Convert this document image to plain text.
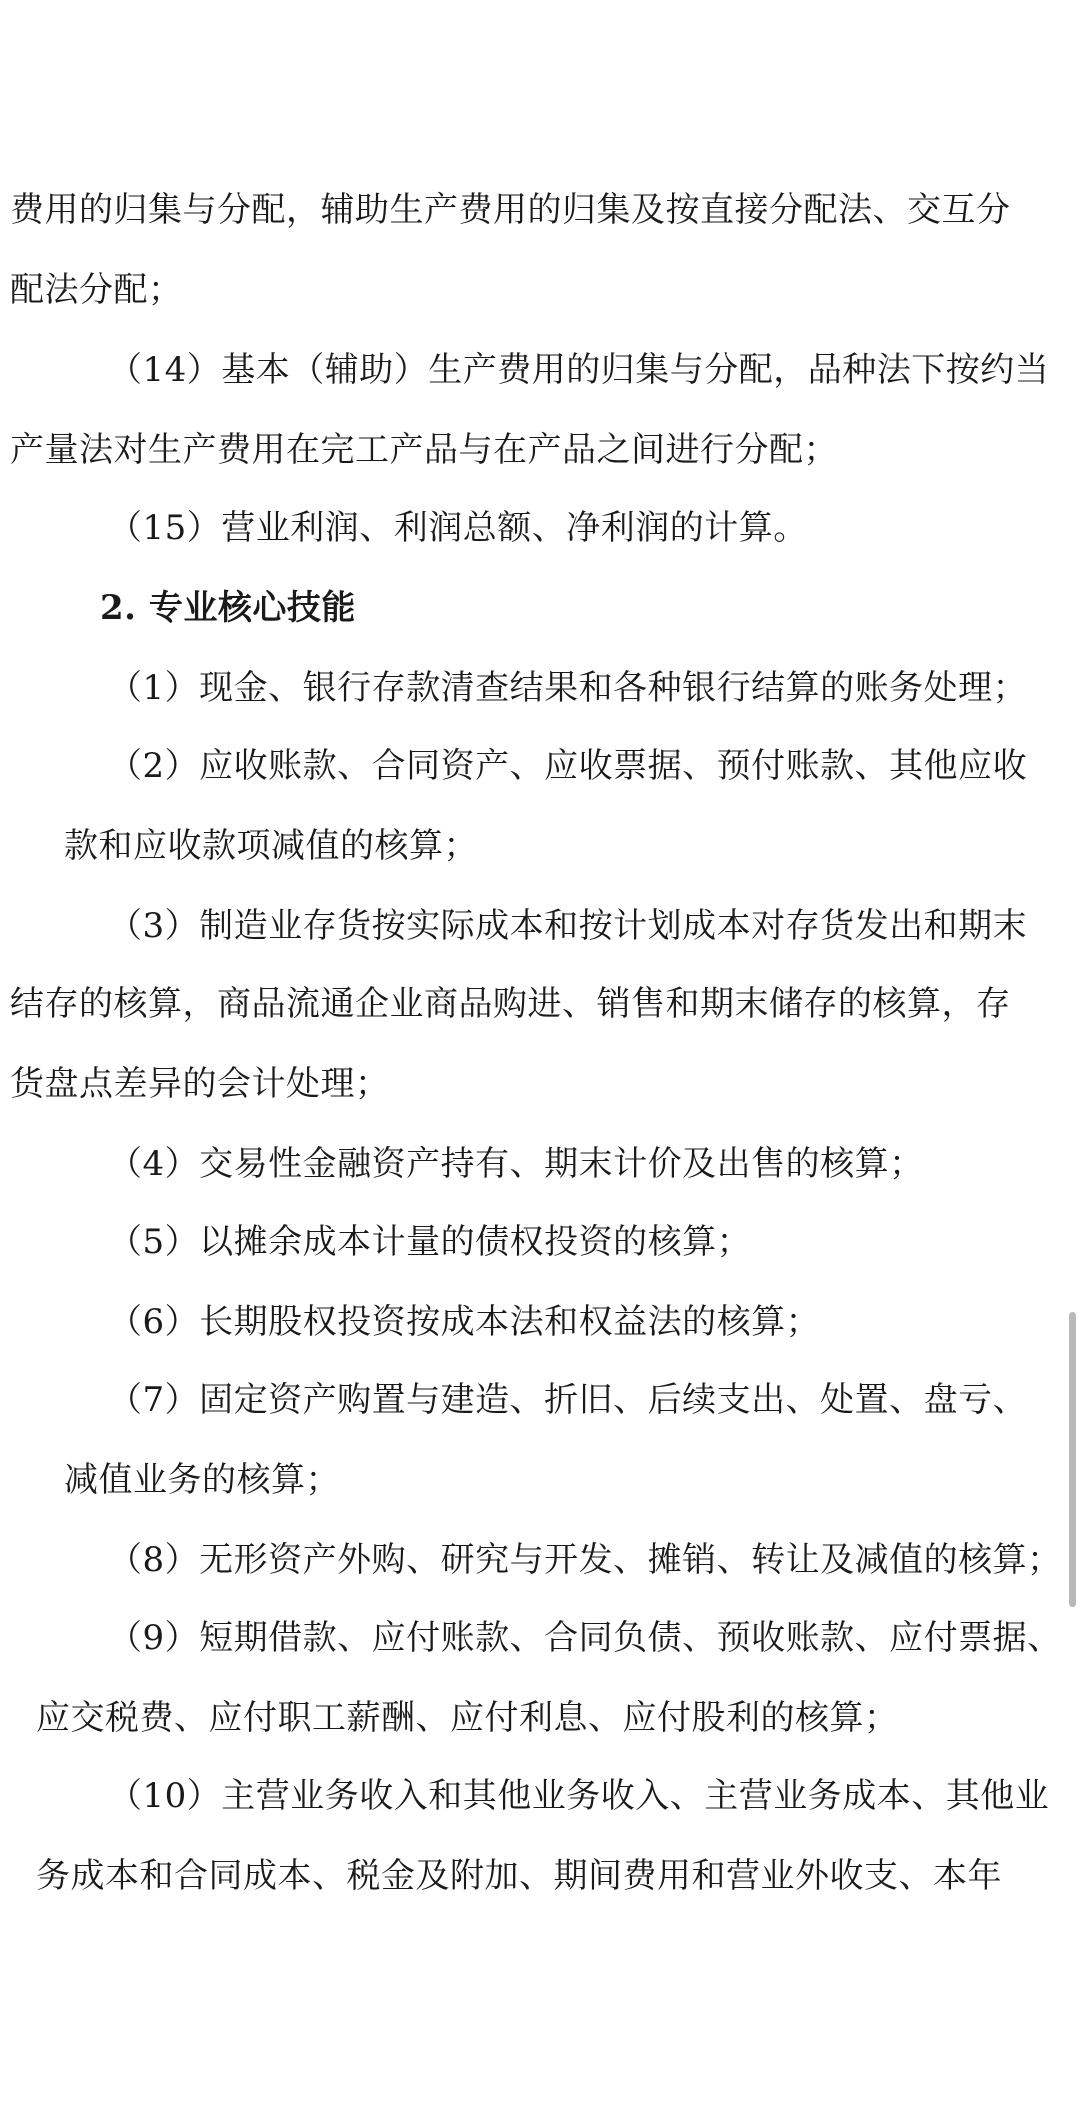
费用的归集与分配，辅助生产费用的归集及按直接分配法、交互分
配法分配；
（14）基本（辅助）生产费用的归集与分配，品种法下按约当
产量法对生产费用在完工产品与在产品之间进行分配；
（15）营业利润、利润总额、净利润的计算。
2. 专业核心技能
（1）现金、银行存款清查结果和各种银行结算的账务处理；
（2）应收账款、合同资产、应收票据、预付账款、其他应收
款和应收款项减值的核算；
（3）制造业存货按实际成本和按计划成本对存货发出和期末
结存的核算，商品流通企业商品购进、销售和期末储存的核算，存
货盘点差异的会计处理；
（4）交易性金融资产持有、期末计价及出售的核算；
（5）以摊余成本计量的债权投资的核算；
（6）长期股权投资按成本法和权益法的核算；
（7）固定资产购置与建造、折旧、后续支出、处置、盘亏、
减值业务的核算；
（8）无形资产外购、研究与开发、摊销、转让及减值的核算；
（9）短期借款、应付账款、合同负债、预收账款、应付票据、
应交税费、应付职工薪酬、应付利息、应付股利的核算；
（10）主营业务收入和其他业务收入、主营业务成本、其他业
务成本和合同成本、税金及附加、期间费用和营业外收支、本年
